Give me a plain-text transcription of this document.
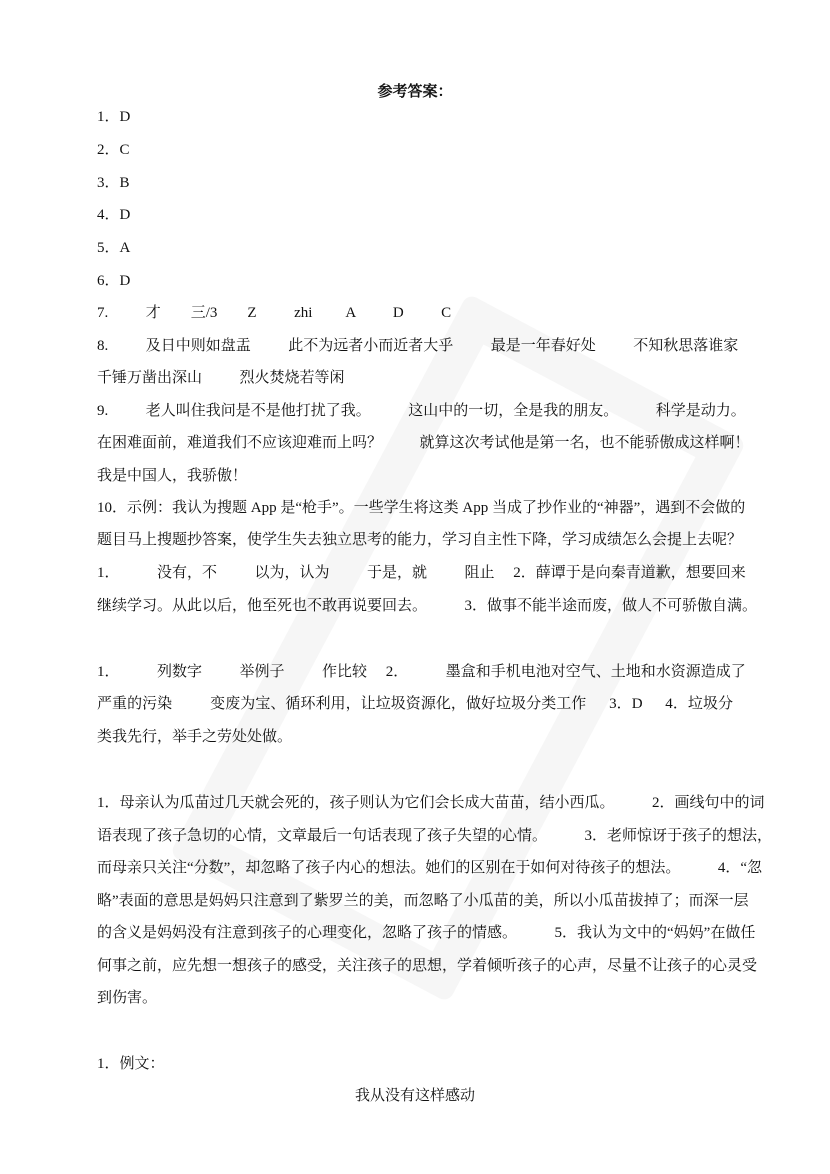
参考答案：
1．D
2．C
3．B
4．D
5．A
6．D
7.          才        三/3        Z          zhi         A          D          C
8.          及日中则如盘盂          此不为远者小而近者大乎          最是一年春好处          不知秋思落谁家
千锤万凿出深山          烈火焚烧若等闲
9.          老人叫住我问是不是他打扰了我。          这山中的一切，全是我的朋友。          科学是动力。
在困难面前，难道我们不应该迎难而上吗？          就算这次考试他是第一名，也不能骄傲成这样啊！
我是中国人，我骄傲！
10．示例：我认为搜题 App 是“枪手”。一些学生将这类 App 当成了抄作业的“神器”，遇到不会做的
题目马上搜题抄答案，使学生失去独立思考的能力，学习自主性下降，学习成绩怎么会提上去呢？
1．          没有，不          以为，认为          于是，就          阻止     2．薛谭于是向秦青道歉，想要回来
继续学习。从此以后，他至死也不敢再说要回去。          3．做事不能半途而废，做人不可骄傲自满。
1．          列数字          举例子          作比较     2．          墨盒和手机电池对空气、土地和水资源造成了
严重的污染          变废为宝、循环利用，让垃圾资源化，做好垃圾分类工作      3．D      4．垃圾分
类我先行，举手之劳处处做。
1．母亲认为瓜苗过几天就会死的，孩子则认为它们会长成大苗苗，结小西瓜。          2．画线句中的词
语表现了孩子急切的心情，文章最后一句话表现了孩子失望的心情。          3．老师惊讶于孩子的想法，
而母亲只关注“分数”，却忽略了孩子内心的想法。她们的区别在于如何对待孩子的想法。          4．“忽
略”表面的意思是妈妈只注意到了紫罗兰的美，而忽略了小瓜苗的美，所以小瓜苗拔掉了；而深一层
的含义是妈妈没有注意到孩子的心理变化，忽略了孩子的情感。          5．我认为文中的“妈妈”在做任
何事之前，应先想一想孩子的感受，关注孩子的思想，学着倾听孩子的心声，尽量不让孩子的心灵受
到伤害。
1．例文：
我从没有这样感动
